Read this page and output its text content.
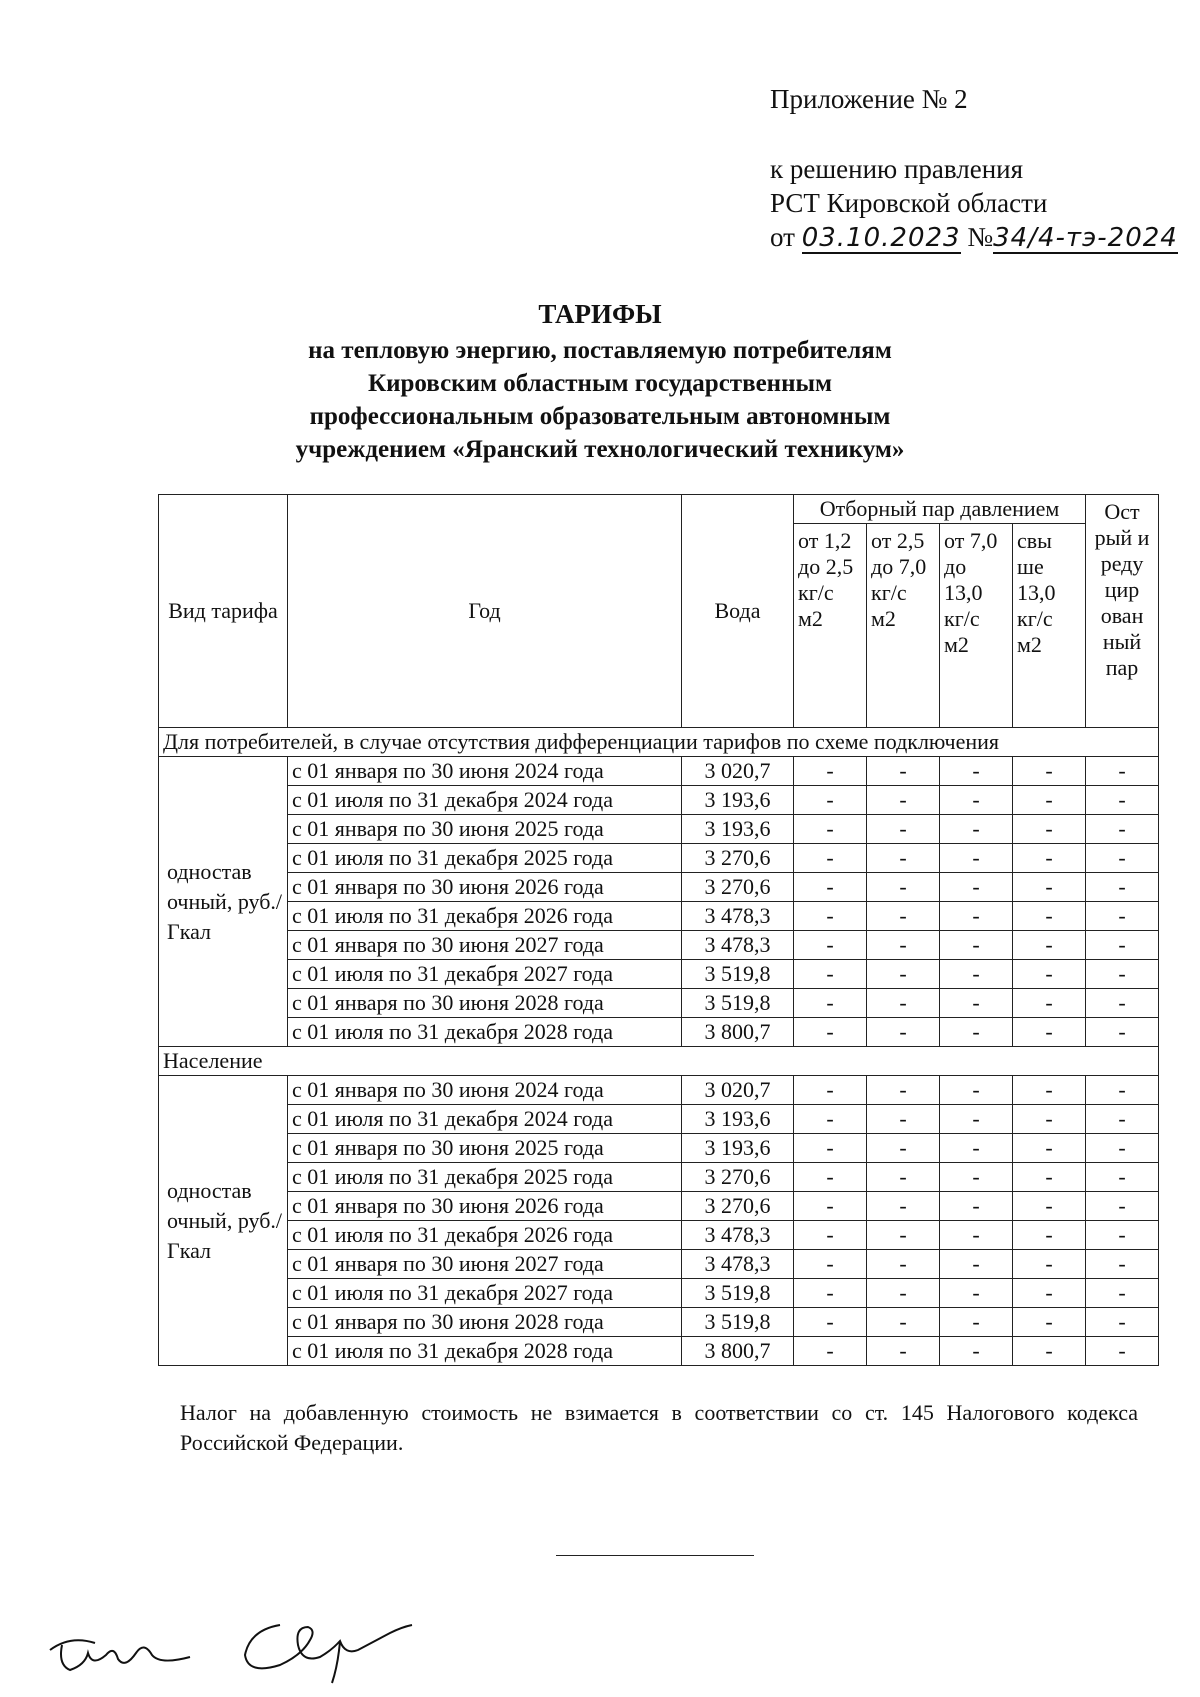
Приложение № 2
к решению правления
РСТ Кировской области
от 03.10.2023 №34/4-тэ-2024
ТАРИФЫ
на тепловую энергию, поставляемую потребителям
Кировским областным государственным
профессиональным образовательным автономным
учреждением «Яранский технологический техникум»
Вид тарифа	Год	Вода	Отборный пар давлением				Ост рый и реду цир ован ный пар
			от 1,2 до 2,5 кг/с м2	от 2,5 до 7,0 кг/с м2	от 7,0 до 13,0 кг/с м2	свы ше 13,0 кг/с м2	
Для потребителей, в случае отсутствия дифференциации тарифов по схеме подключения							
одностав очный, руб./Гкал	с 01 января по 30 июня 2024 года	3 020,7	-	-	-	-	-
	с 01 июля по 31 декабря 2024 года	3 193,6	-	-	-	-	-
	с 01 января по 30 июня 2025 года	3 193,6	-	-	-	-	-
	с 01 июля по 31 декабря 2025 года	3 270,6	-	-	-	-	-
	с 01 января по 30 июня 2026 года	3 270,6	-	-	-	-	-
	с 01 июля по 31 декабря 2026 года	3 478,3	-	-	-	-	-
	с 01 января по 30 июня 2027 года	3 478,3	-	-	-	-	-
	с 01 июля по 31 декабря 2027 года	3 519,8	-	-	-	-	-
	с 01 января по 30 июня 2028 года	3 519,8	-	-	-	-	-
	с 01 июля по 31 декабря 2028 года	3 800,7	-	-	-	-	-
Население							
одностав очный, руб./Гкал	с 01 января по 30 июня 2024 года	3 020,7	-	-	-	-	-
	с 01 июля по 31 декабря 2024 года	3 193,6	-	-	-	-	-
	с 01 января по 30 июня 2025 года	3 193,6	-	-	-	-	-
	с 01 июля по 31 декабря 2025 года	3 270,6	-	-	-	-	-
	с 01 января по 30 июня 2026 года	3 270,6	-	-	-	-	-
	с 01 июля по 31 декабря 2026 года	3 478,3	-	-	-	-	-
	с 01 января по 30 июня 2027 года	3 478,3	-	-	-	-	-
	с 01 июля по 31 декабря 2027 года	3 519,8	-	-	-	-	-
	с 01 января по 30 июня 2028 года	3 519,8	-	-	-	-	-
	с 01 июля по 31 декабря 2028 года	3 800,7	-	-	-	-	-
Налог на добавленную стоимость не взимается в соответствии со ст. 145 Налогового кодекса Российской Федерации.
